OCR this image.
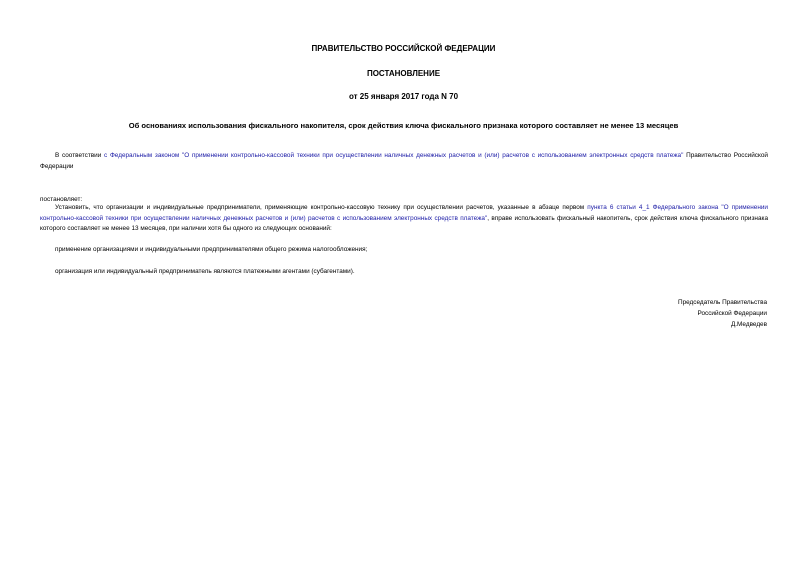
ПРАВИТЕЛЬСТВО РОССИЙСКОЙ ФЕДЕРАЦИИ
ПОСТАНОВЛЕНИЕ
от 25 января 2017 года N 70
Об основаниях использования фискального накопителя, срок действия ключа фискального признака которого составляет не менее 13 месяцев
В соответствии с Федеральным законом "О применении контрольно-кассовой техники при осуществлении наличных денежных расчетов и (или) расчетов с использованием электронных средств платежа" Правительство Российской Федерации
постановляет:
Установить, что организации и индивидуальные предприниматели, применяющие контрольно-кассовую технику при осуществлении расчетов, указанные в абзаце первом пункта 6 статьи 4_1 Федерального закона "О применении контрольно-кассовой техники при осуществлении наличных денежных расчетов и (или) расчетов с использованием электронных средств платежа", вправе использовать фискальный накопитель, срок действия ключа фискального признака которого составляет не менее 13 месяцев, при наличии хотя бы одного из следующих оснований:
применение организациями и индивидуальными предпринимателями общего режима налогообложения;
организация или индивидуальный предприниматель являются платежными агентами (субагентами).
Председатель Правительства
Российской Федерации
Д.Медведев
